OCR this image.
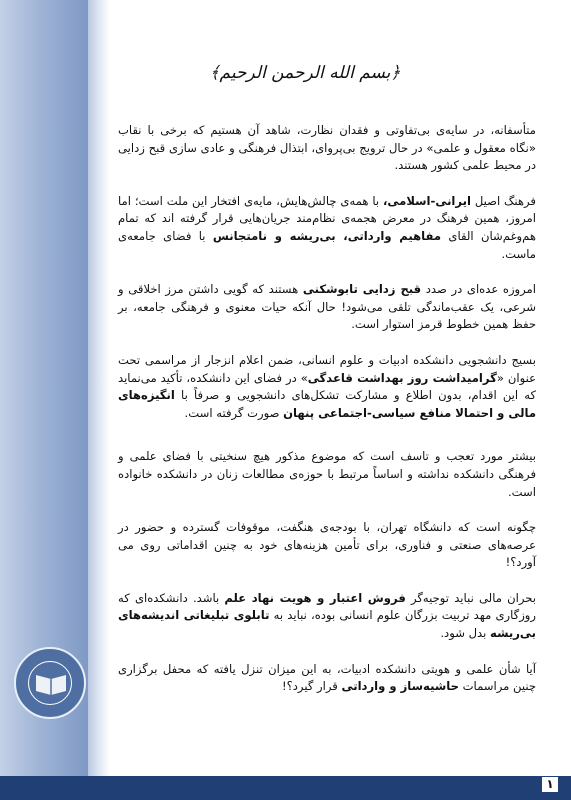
﴿بسم الله الرحمن الرحیم﴾

متأسفانه، در سایه‌ی بی‌تفاوتی و فقدان نظارت، شاهد آن هستیم که برخی با نقاب «نگاه معقول و علمی» در حال ترویج بی‌پروای، ابتذال فرهنگی و عادی سازی قبح زدایی در محیط علمی کشور هستند.

فرهنگ اصیل ایرانی-اسلامی، با همه‌ی چالش‌هایش، مایه‌ی افتخار این ملت است؛ اما امروز، همین فرهنگ در معرض هجمه‌ی نظام‌مند جریان‌هایی قرار گرفته اند که تمام هم‌وغم‌شان القای مفاهیم وارداتی، بی‌ریشه و نامتجانس با فضای جامعه‌ی ماست.

امروزه عده‌ای در صدد قبح زدایی تابوشکنی هستند که گویی داشتن مرز اخلاقی و شرعی، یک عقب‌ماندگی تلقی می‌شود! حال آنکه حیات معنوی و فرهنگی جامعه، بر حفظ همین خطوط قرمز استوار است.

بسیج دانشجویی دانشکده ادبیات و علوم انسانی، ضمن اعلام انزجار از مراسمی تحت عنوان «گرامیداشت روز بهداشت قاعدگی» در فضای این دانشکده، تأکید می‌نماید که این اقدام، بدون اطلاع و مشارکت تشکل‌های دانشجویی و صرفاً با انگیزه‌های مالی و احتمالا منافع سیاسی-اجتماعی پنهان صورت گرفته است.

بیشتر مورد تعجب و تاسف است که موضوع مذکور هیچ سنخیتی با فضای علمی و فرهنگی دانشکده نداشته و اساساً مرتبط با حوزه‌ی مطالعات زنان در دانشکده خانواده است.

چگونه است که دانشگاه تهران، با بودجه‌ی هنگفت، موقوفات گسترده و حضور در عرصه‌های صنعتی و فناوری، برای تأمین هزینه‌های خود به چنین اقداماتی روی می آورد؟!

بحران مالی نباید توجیه‌گر فروش اعتبار و هویت نهاد علم باشد. دانشکده‌ای که روزگاری مهد تربیت بزرگان علوم انسانی بوده، نباید به تابلوی تبلیغاتی اندیشه‌های بی‌ریشه بدل شود.

آیا شأن علمی و هویتی دانشکده ادبیات، به این میزان تنزل یافته که محفل برگزاری چنین مراسمات حاشیه‌ساز و وارداتی قرار گیرد؟!

۱
